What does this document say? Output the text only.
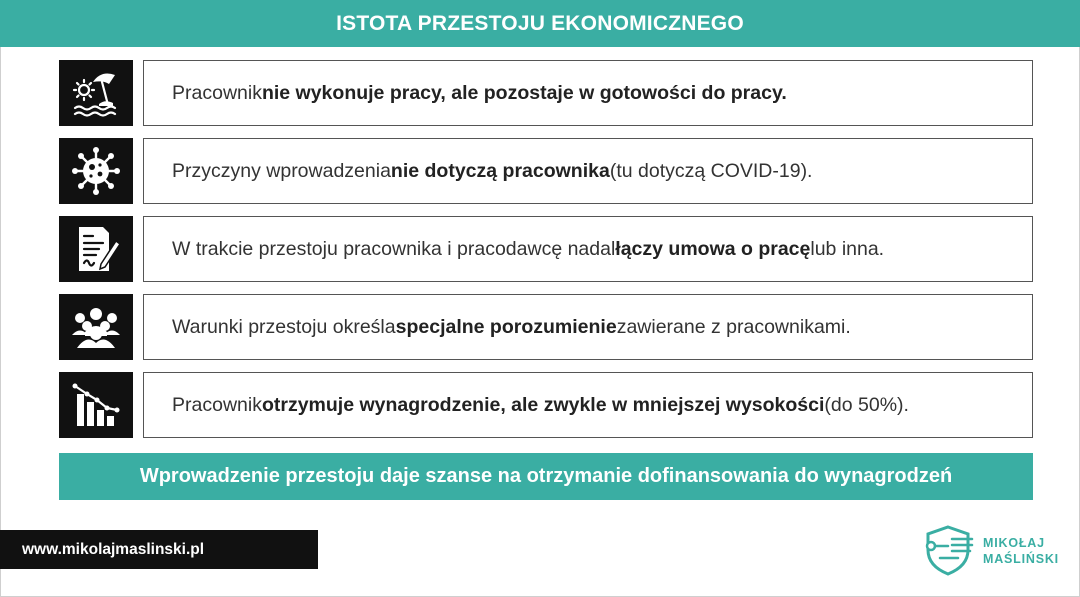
ISTOTA PRZESTOJU EKONOMICZNEGO
Pracownik nie wykonuje pracy, ale pozostaje w gotowości do pracy.
Przyczyny wprowadzenia nie dotyczą pracownika (tu dotyczą COVID-19).
W trakcie przestoju pracownika i pracodawcę nadal łączy umowa o pracę lub inna.
Warunki przestoju określa specjalne porozumienie zawierane z pracownikami.
Pracownik otrzymuje wynagrodzenie, ale zwykle w mniejszej wysokości (do 50%).
Wprowadzenie przestoju daje szanse na otrzymanie dofinansowania do wynagrodzeń
www.mikolajmaslinski.pl	MIKOŁAJ
MAŚLIŃSKI
